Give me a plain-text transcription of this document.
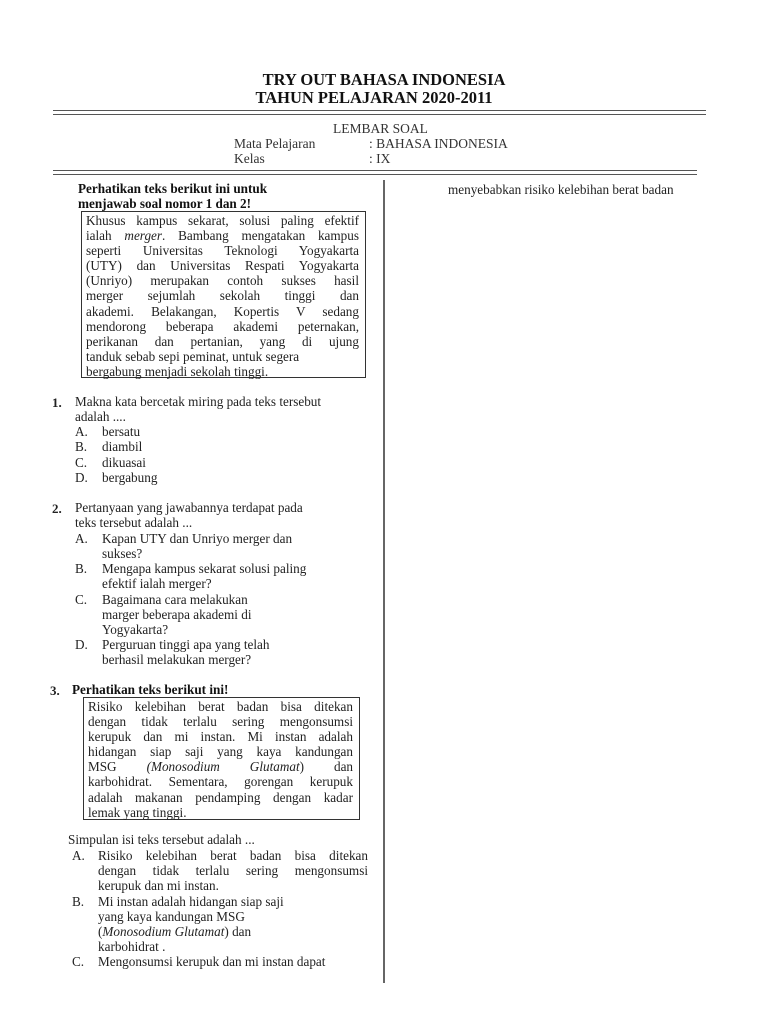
TRY OUT BAHASA INDONESIA
TAHUN PELAJARAN 2020-2011
LEMBAR SOAL
Mata Pelajaran	: BAHASA INDONESIA
Kelas	: IX
Perhatikan teks berikut ini untuk
menjawab soal nomor 1 dan 2!
Khusus kampus sekarat, solusi paling efektif
ialah merger. Bambang mengatakan kampus
seperti Universitas Teknologi Yogyakarta
(UTY) dan Universitas Respati Yogyakarta
(Unriyo) merupakan contoh sukses hasil
merger sejumlah sekolah tinggi dan
akademi. Belakangan, Kopertis V sedang
mendorong beberapa akademi peternakan,
perikanan dan pertanian, yang di ujung
tanduk sebab sepi peminat, untuk segera
bergabung menjadi sekolah tinggi.
1. Makna kata bercetak miring pada teks tersebut
adalah ....
A. bersatu
B. diambil
C. dikuasai
D. bergabung
2. Pertanyaan yang jawabannya terdapat pada
teks tersebut adalah ...
A. Kapan UTY dan Unriyo merger dan
sukses?
B. Mengapa kampus sekarat solusi paling
efektif ialah merger?
C. Bagaimana cara melakukan
marger beberapa akademi di
Yogyakarta?
D. Perguruan tinggi apa yang telah
berhasil melakukan merger?
3. Perhatikan teks berikut ini!
Risiko kelebihan berat badan bisa ditekan
dengan tidak terlalu sering mengonsumsi
kerupuk dan mi instan. Mi instan adalah
hidangan siap saji yang kaya kandungan
MSG (Monosodium Glutamat) dan
karbohidrat. Sementara, gorengan kerupuk
adalah makanan pendamping dengan kadar
lemak yang tinggi.
Simpulan isi teks tersebut adalah ...
A. Risiko kelebihan berat badan bisa ditekan
dengan tidak terlalu sering mengonsumsi
kerupuk dan mi instan.
B. Mi instan adalah hidangan siap saji
yang kaya kandungan MSG
(Monosodium Glutamat) dan
karbohidrat .
C. Mengonsumsi kerupuk dan mi instan dapat
menyebabkan risiko kelebihan berat badan
